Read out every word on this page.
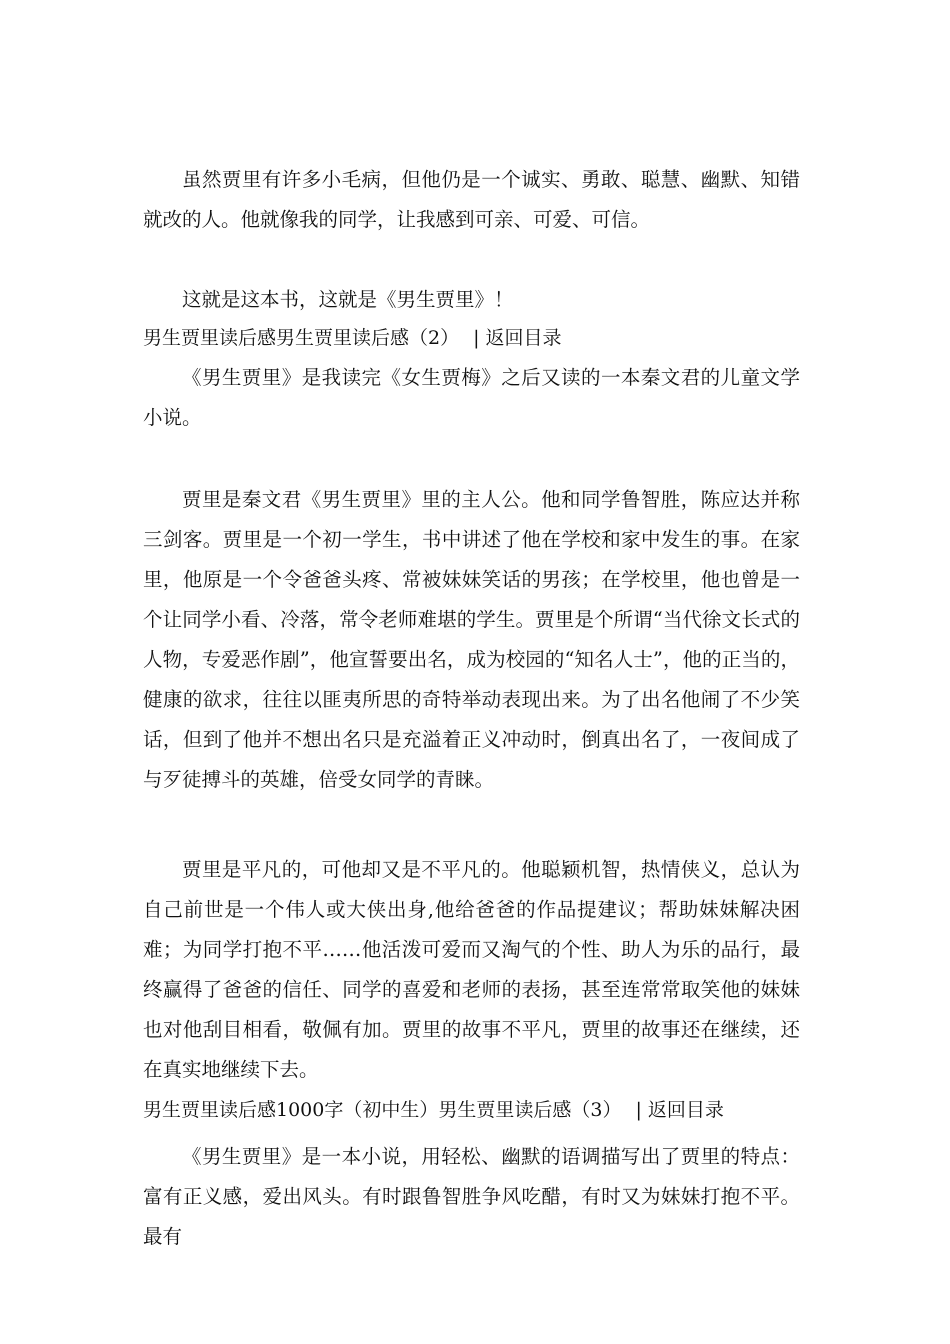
虽然贾里有许多小毛病，但他仍是一个诚实、勇敢、聪慧、幽默、知错就改的人。他就像我的同学，让我感到可亲、可爱、可信。

这就是这本书，这就是《男生贾里》！

男生贾里读后感男生贾里读后感（2） | 返回目录

《男生贾里》是我读完《女生贾梅》之后又读的一本秦文君的儿童文学小说。

贾里是秦文君《男生贾里》里的主人公。他和同学鲁智胜，陈应达并称三剑客。贾里是一个初一学生，书中讲述了他在学校和家中发生的事。在家里，他原是一个令爸爸头疼、常被妹妹笑话的男孩；在学校里，他也曾是一个让同学小看、冷落，常令老师难堪的学生。贾里是个所谓“当代徐文长式的人物，专爱恶作剧”，他宣誓要出名，成为校园的“知名人士”，他的正当的，健康的欲求，往往以匪夷所思的奇特举动表现出来。为了出名他闹了不少笑话，但到了他并不想出名只是充溢着正义冲动时，倒真出名了，一夜间成了与歹徒搏斗的英雄，倍受女同学的青睐。

贾里是平凡的，可他却又是不平凡的。他聪颖机智，热情侠义，总认为自己前世是一个伟人或大侠出身,他给爸爸的作品提建议；帮助妹妹解决困难；为同学打抱不平……他活泼可爱而又淘气的个性、助人为乐的品行，最终赢得了爸爸的信任、同学的喜爱和老师的表扬，甚至连常常取笑他的妹妹也对他刮目相看，敬佩有加。贾里的故事不平凡，贾里的故事还在继续，还在真实地继续下去。

男生贾里读后感1000字（初中生）男生贾里读后感（3） | 返回目录

《男生贾里》是一本小说，用轻松、幽默的语调描写出了贾里的特点：富有正义感，爱出风头。有时跟鲁智胜争风吃醋，有时又为妹妹打抱不平。最有
